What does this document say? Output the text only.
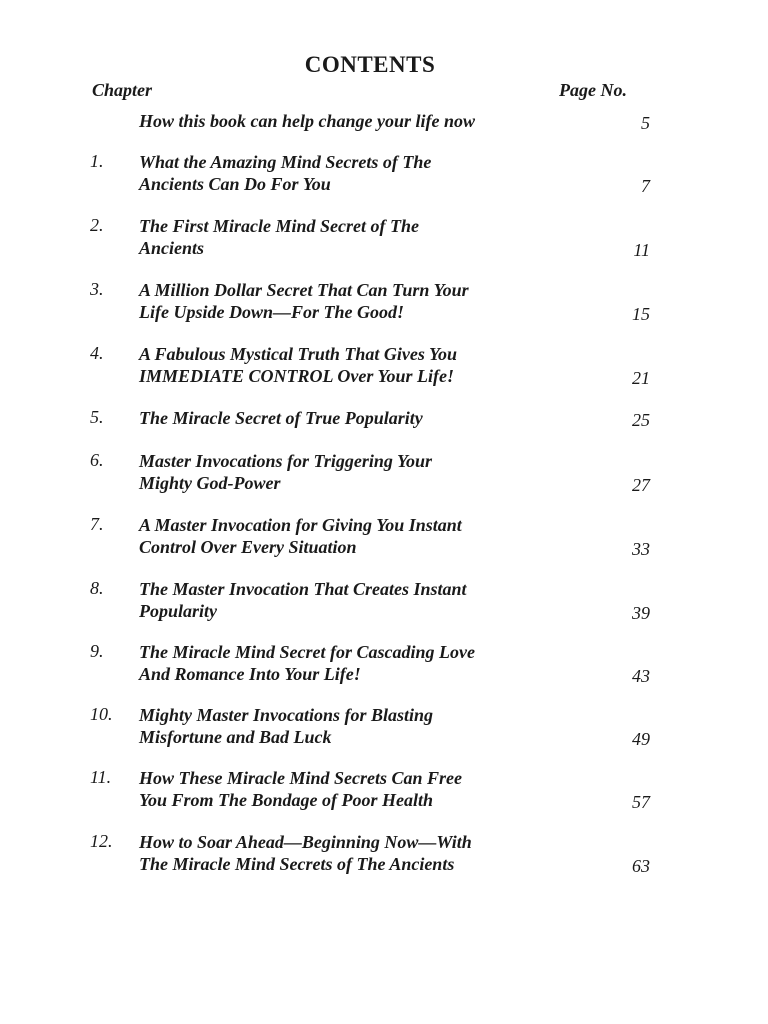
CONTENTS
Chapter	Page No.
How this book can help change your life now	5
1. What the Amazing Mind Secrets of The
Ancients Can Do For You	7
2. The First Miracle Mind Secret of The
Ancients	11
3. A Million Dollar Secret That Can Turn Your
Life Upside Down—For The Good!	15
4. A Fabulous Mystical Truth That Gives You
IMMEDIATE CONTROL Over Your Life!	21
5. The Miracle Secret of True Popularity	25
6. Master Invocations for Triggering Your
Mighty God-Power	27
7. A Master Invocation for Giving You Instant
Control Over Every Situation	33
8. The Master Invocation That Creates Instant
Popularity	39
9. The Miracle Mind Secret for Cascading Love
And Romance Into Your Life!	43
10. Mighty Master Invocations for Blasting
Misfortune and Bad Luck	49
11. How These Miracle Mind Secrets Can Free
You From The Bondage of Poor Health	57
12. How to Soar Ahead—Beginning Now—With
The Miracle Mind Secrets of The Ancients	63
